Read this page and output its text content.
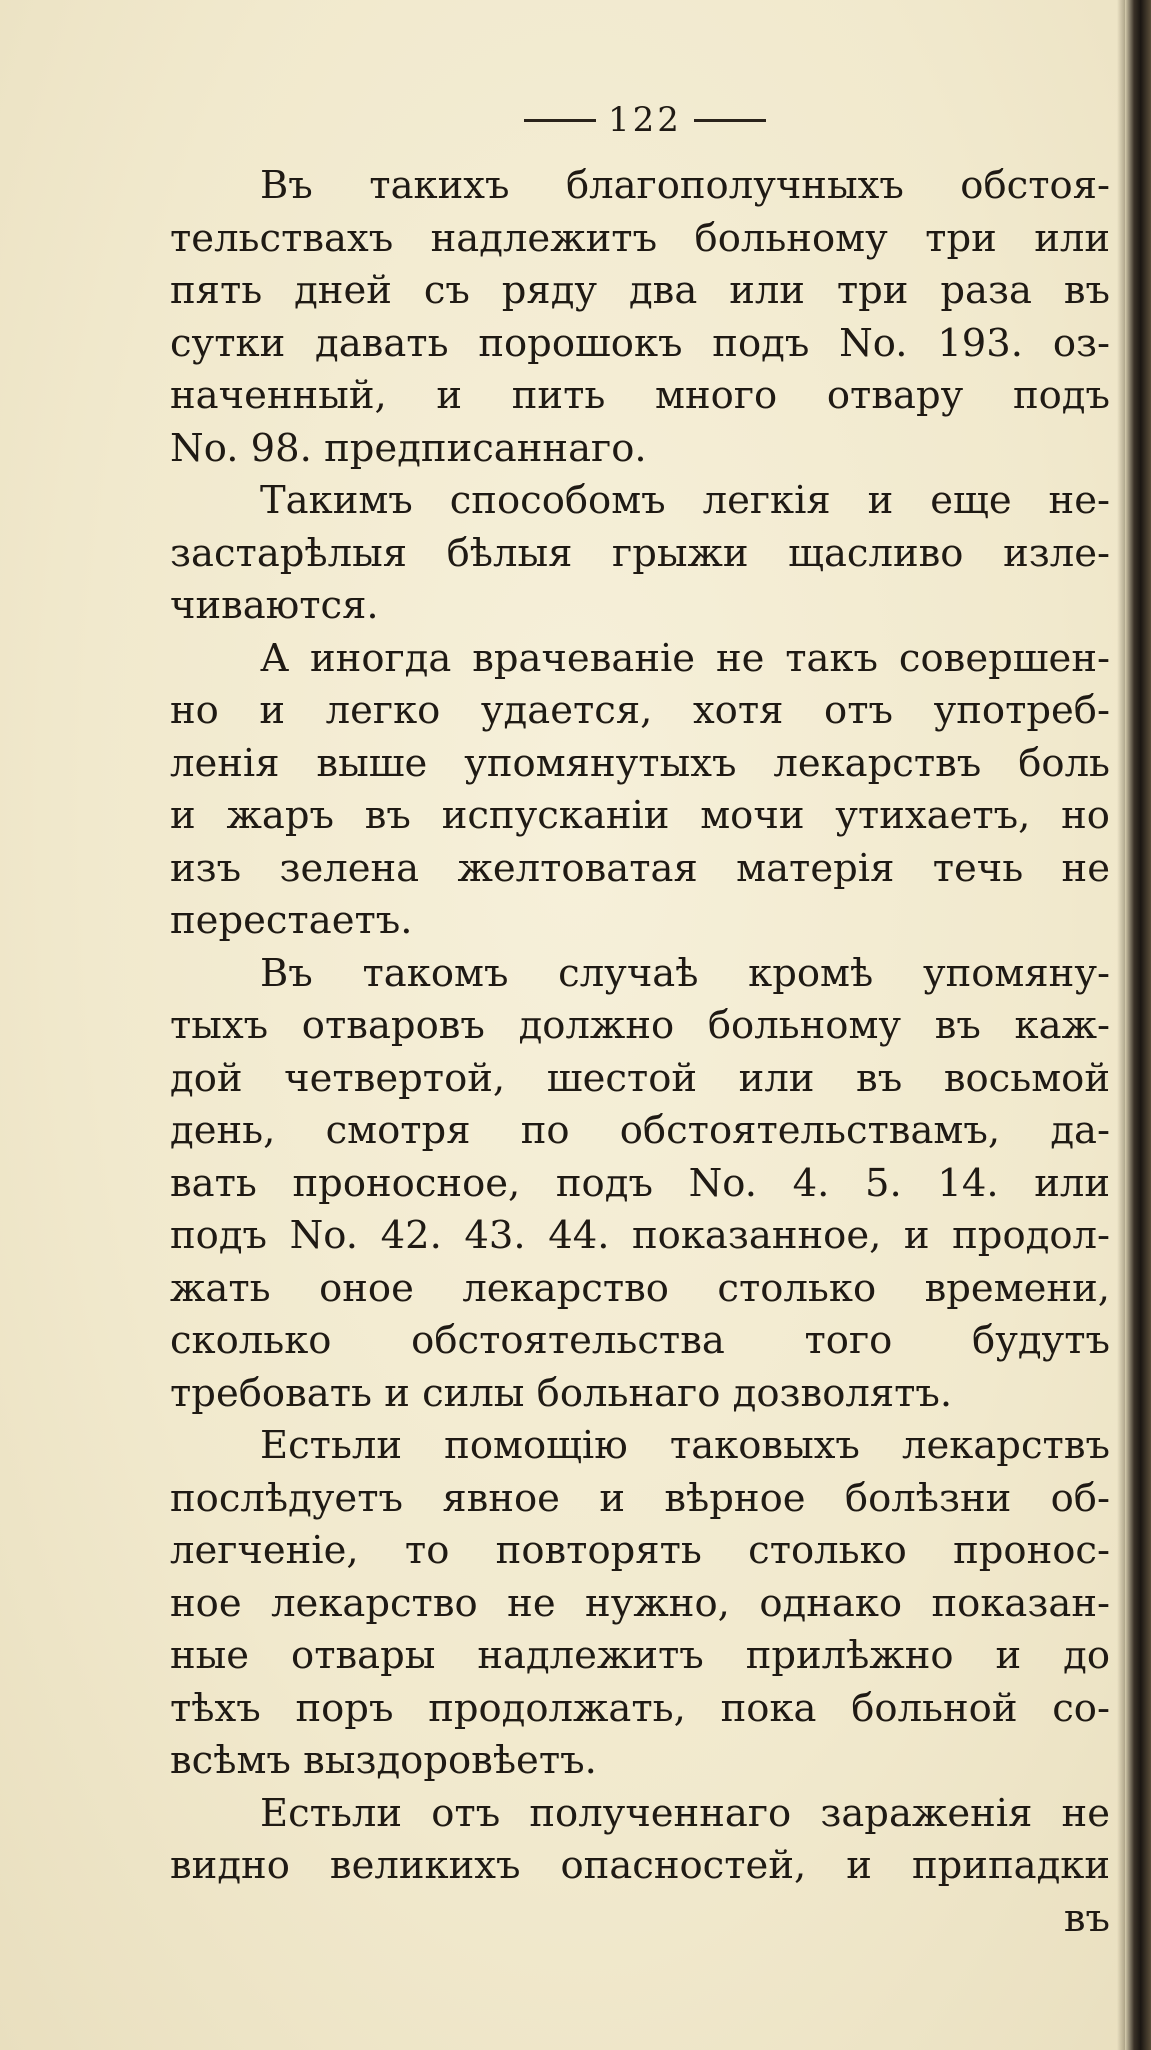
122
Въ такихъ благополучныхъ обстоя-
тельствахъ надлежитъ больному три или
пять дней съ ряду два или три раза въ
сутки давать порошокъ подъ No. 193. оз-
наченный, и пить много отвару подъ
No. 98. предписаннаго.
Такимъ способомъ легкія и еще не-
застарѣлыя бѣлыя грыжи щасливо изле-
чиваются.
А иногда врачеваніе не такъ совершен-
но и легко удается, хотя отъ употреб-
ленія выше упомянутыхъ лекарствъ боль
и жаръ въ испусканіи мочи утихаетъ, но
изъ зелена желтоватая матерія течь не
перестаетъ.
Въ такомъ случаѣ кромѣ упомяну-
тыхъ отваровъ должно больному въ каж-
дой четвертой, шестой или въ восьмой
день, смотря по обстоятельствамъ, да-
вать проносное, подъ No. 4. 5. 14. или
подъ No. 42. 43. 44. показанное, и продол-
жать оное лекарство столько времени,
сколько обстоятельства того будутъ
требовать и силы больнаго дозволятъ.
Естьли помощію таковыхъ лекарствъ
послѣдуетъ явное и вѣрное болѣзни об-
легченіе, то повторять столько пронос-
ное лекарство не нужно, однако показан-
ные отвары надлежитъ прилѣжно и до
тѣхъ поръ продолжать, пока больной со-
всѣмъ выздоровѣетъ.
Естьли отъ полученнаго зараженія не
видно великихъ опасностей, и припадки
въ
